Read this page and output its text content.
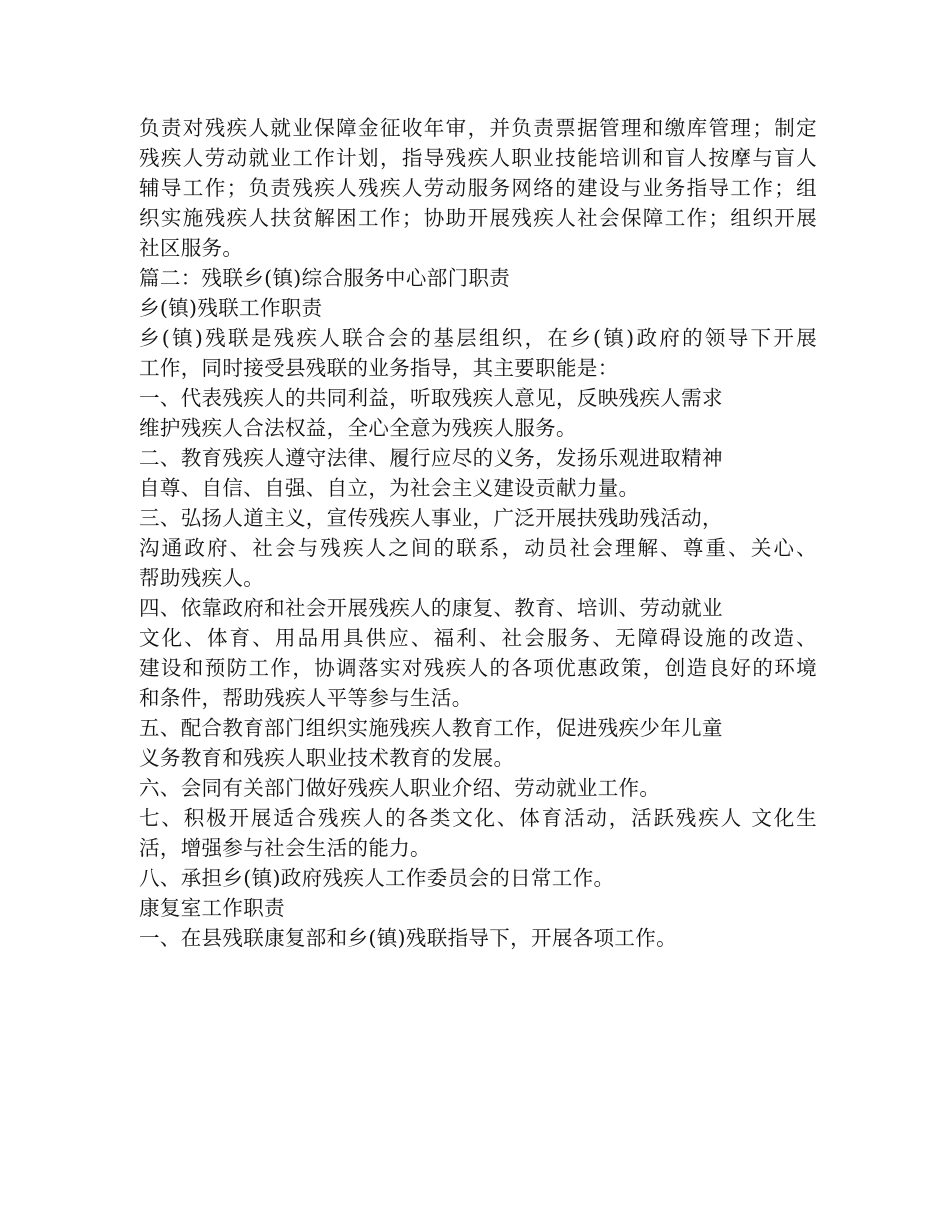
负责对残疾人就业保障金征收年审，并负责票据管理和缴库管理；制定
残疾人劳动就业工作计划，指导残疾人职业技能培训和盲人按摩与盲人
辅导工作；负责残疾人残疾人劳动服务网络的建设与业务指导工作；组
织实施残疾人扶贫解困工作；协助开展残疾人社会保障工作；组织开展
社区服务。
篇二：残联乡(镇)综合服务中心部门职责
乡(镇)残联工作职责
乡(镇)残联是残疾人联合会的基层组织，在乡(镇)政府的领导下开展
工作，同时接受县残联的业务指导，其主要职能是：
一、代表残疾人的共同利益，听取残疾人意见，反映残疾人需求
维护残疾人合法权益，全心全意为残疾人服务。
二、教育残疾人遵守法律、履行应尽的义务，发扬乐观进取精神
自尊、自信、自强、自立，为社会主义建设贡献力量。
三、弘扬人道主义，宣传残疾人事业，广泛开展扶残助残活动，
沟通政府、社会与残疾人之间的联系，动员社会理解、尊重、关心、
帮助残疾人。
四、依靠政府和社会开展残疾人的康复、教育、培训、劳动就业
文化、体育、用品用具供应、福利、社会服务、无障碍设施的改造、
建设和预防工作，协调落实对残疾人的各项优惠政策，创造良好的环境
和条件，帮助残疾人平等参与生活。
五、配合教育部门组织实施残疾人教育工作，促进残疾少年儿童
义务教育和残疾人职业技术教育的发展。
六、会同有关部门做好残疾人职业介绍、劳动就业工作。
七、积极开展适合残疾人的各类文化、体育活动，活跃残疾人 文化生
活，增强参与社会生活的能力。
八、承担乡(镇)政府残疾人工作委员会的日常工作。
康复室工作职责
一、在县残联康复部和乡(镇)残联指导下，开展各项工作。
